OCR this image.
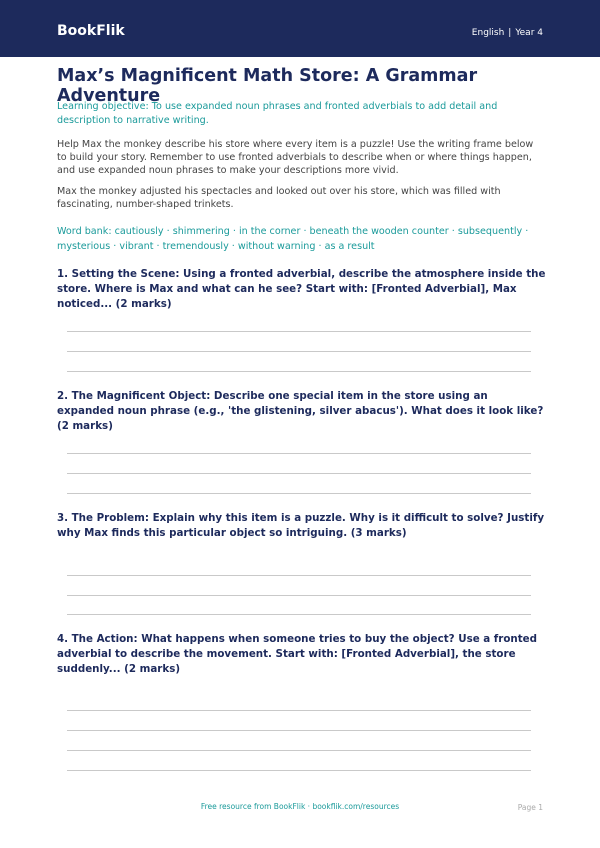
BookFlik	English | Year 4
Max’s Magnificent Math Store: A Grammar Adventure
Learning objective: To use expanded noun phrases and fronted adverbials to add detail and description to narrative writing.
Help Max the monkey describe his store where every item is a puzzle! Use the writing frame below to build your story. Remember to use fronted adverbials to describe when or where things happen, and use expanded noun phrases to make your descriptions more vivid.
Max the monkey adjusted his spectacles and looked out over his store, which was filled with fascinating, number-shaped trinkets.
Word bank: cautiously · shimmering · in the corner · beneath the wooden counter · subsequently · mysterious · vibrant · tremendously · without warning · as a result
1. Setting the Scene: Using a fronted adverbial, describe the atmosphere inside the store. Where is Max and what can he see? Start with: [Fronted Adverbial], Max noticed... (2 marks)
2. The Magnificent Object: Describe one special item in the store using an expanded noun phrase (e.g., 'the glistening, silver abacus'). What does it look like? (2 marks)
3. The Problem: Explain why this item is a puzzle. Why is it difficult to solve? Justify why Max finds this particular object so intriguing. (3 marks)
4. The Action: What happens when someone tries to buy the object? Use a fronted adverbial to describe the movement. Start with: [Fronted Adverbial], the store suddenly... (2 marks)
Free resource from BookFlik · bookflik.com/resources	Page 1
